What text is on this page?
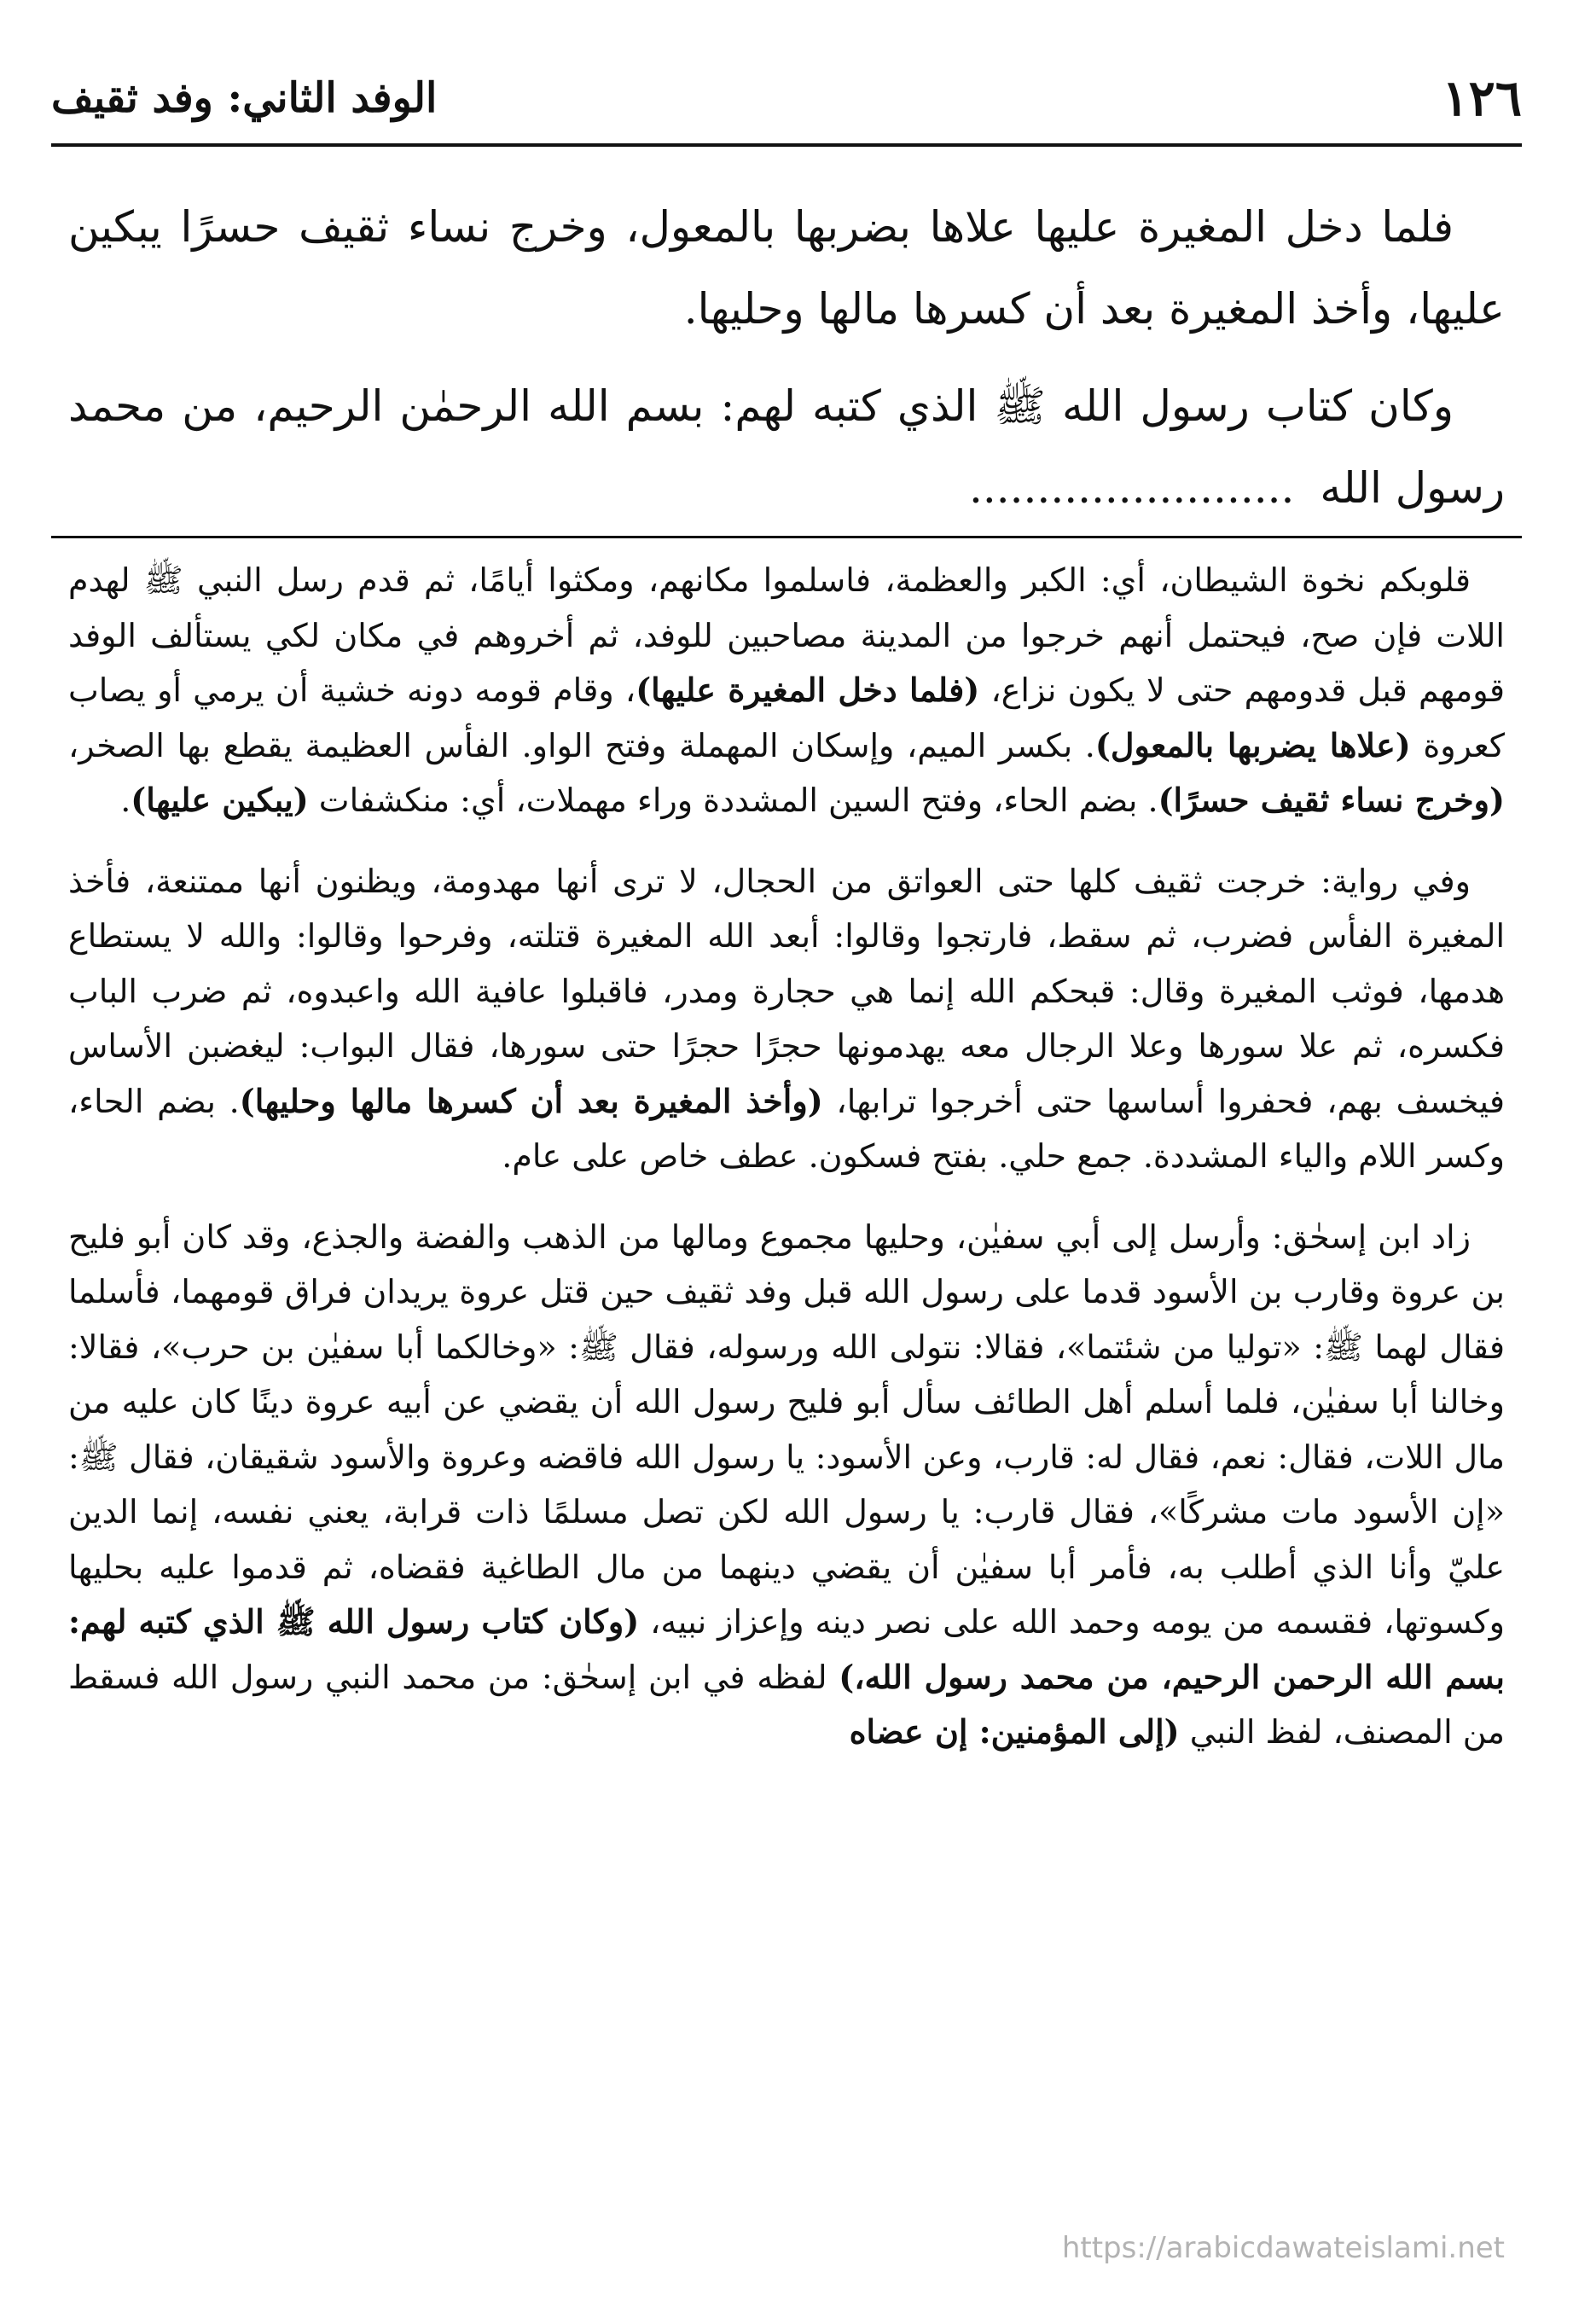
١٢٦
الوفد الثاني: وفد ثقيف

فلما دخل المغيرة عليها علاها بضربها بالمعول، وخرج نساء ثقيف حسرًا يبكين عليها، وأخذ المغيرة بعد أن كسرها مالها وحليها.

وكان كتاب رسول الله ﷺ الذي كتبه لهم: بسم الله الرحمٰن الرحيم، من محمد رسول الله........................

قلوبكم نخوة الشيطان، أي: الكبر والعظمة، فاسلموا مكانهم، ومكثوا أيامًا، ثم قدم رسل النبي ﷺ لهدم اللات فإن صح، فيحتمل أنهم خرجوا من المدينة مصاحبين للوفد، ثم أخروهم في مكان لكي يستألف الوفد قومهم قبل قدومهم حتى لا يكون نزاع، (فلما دخل المغيرة عليها)، وقام قومه دونه خشية أن يرمي أو يصاب كعروة (علاها يضربها بالمعول). بكسر الميم، وإسكان المهملة وفتح الواو. الفأس العظيمة يقطع بها الصخر، (وخرج نساء ثقيف حسرًا). بضم الحاء، وفتح السين المشددة وراء مهملات، أي: منكشفات (يبكين عليها).

وفي رواية: خرجت ثقيف كلها حتى العواتق من الحجال، لا ترى أنها مهدومة، ويظنون أنها ممتنعة، فأخذ المغيرة الفأس فضرب، ثم سقط، فارتجوا وقالوا: أبعد الله المغيرة قتلته، وفرحوا وقالوا: والله لا يستطاع هدمها، فوثب المغيرة وقال: قبحكم الله إنما هي حجارة ومدر، فاقبلوا عافية الله واعبدوه، ثم ضرب الباب فكسره، ثم علا سورها وعلا الرجال معه يهدمونها حجرًا حجرًا حتى سورها، فقال البواب: ليغضبن الأساس فيخسف بهم، فحفروا أساسها حتى أخرجوا ترابها، (وأخذ المغيرة بعد أن كسرها مالها وحليها). بضم الحاء، وكسر اللام والياء المشددة. جمع حلي. بفتح فسكون. عطف خاص على عام.

زاد ابن إسحٰق: وأرسل إلى أبي سفيٰن، وحليها مجموع ومالها من الذهب والفضة والجذع، وقد كان أبو فليح بن عروة وقارب بن الأسود قدما على رسول الله قبل وفد ثقيف حين قتل عروة يريدان فراق قومهما، فأسلما فقال لهما ﷺ: «توليا من شئتما»، فقالا: نتولى الله ورسوله، فقال ﷺ: «وخالكما أبا سفيٰن بن حرب»، فقالا: وخالنا أبا سفيٰن، فلما أسلم أهل الطائف سأل أبو فليح رسول الله أن يقضي عن أبيه عروة دينًا كان عليه من مال اللات، فقال: نعم، فقال له: قارب، وعن الأسود: يا رسول الله فاقضه وعروة والأسود شقيقان، فقال ﷺ: «إن الأسود مات مشركًا»، فقال قارب: يا رسول الله لكن تصل مسلمًا ذات قرابة، يعني نفسه، إنما الدين عليّ وأنا الذي أطلب به، فأمر أبا سفيٰن أن يقضي دينهما من مال الطاغية فقضاه، ثم قدموا عليه بحليها وكسوتها، فقسمه من يومه وحمد الله على نصر دينه وإعزاز نبيه، (وكان كتاب رسول الله ﷺ الذي كتبه لهم: بسم الله الرحمن الرحيم، من محمد رسول الله،) لفظه في ابن إسحٰق: من محمد النبي رسول الله فسقط من المصنف، لفظ النبي (إلى المؤمنين: إن عضاه

https://arabicdawateislami.net
